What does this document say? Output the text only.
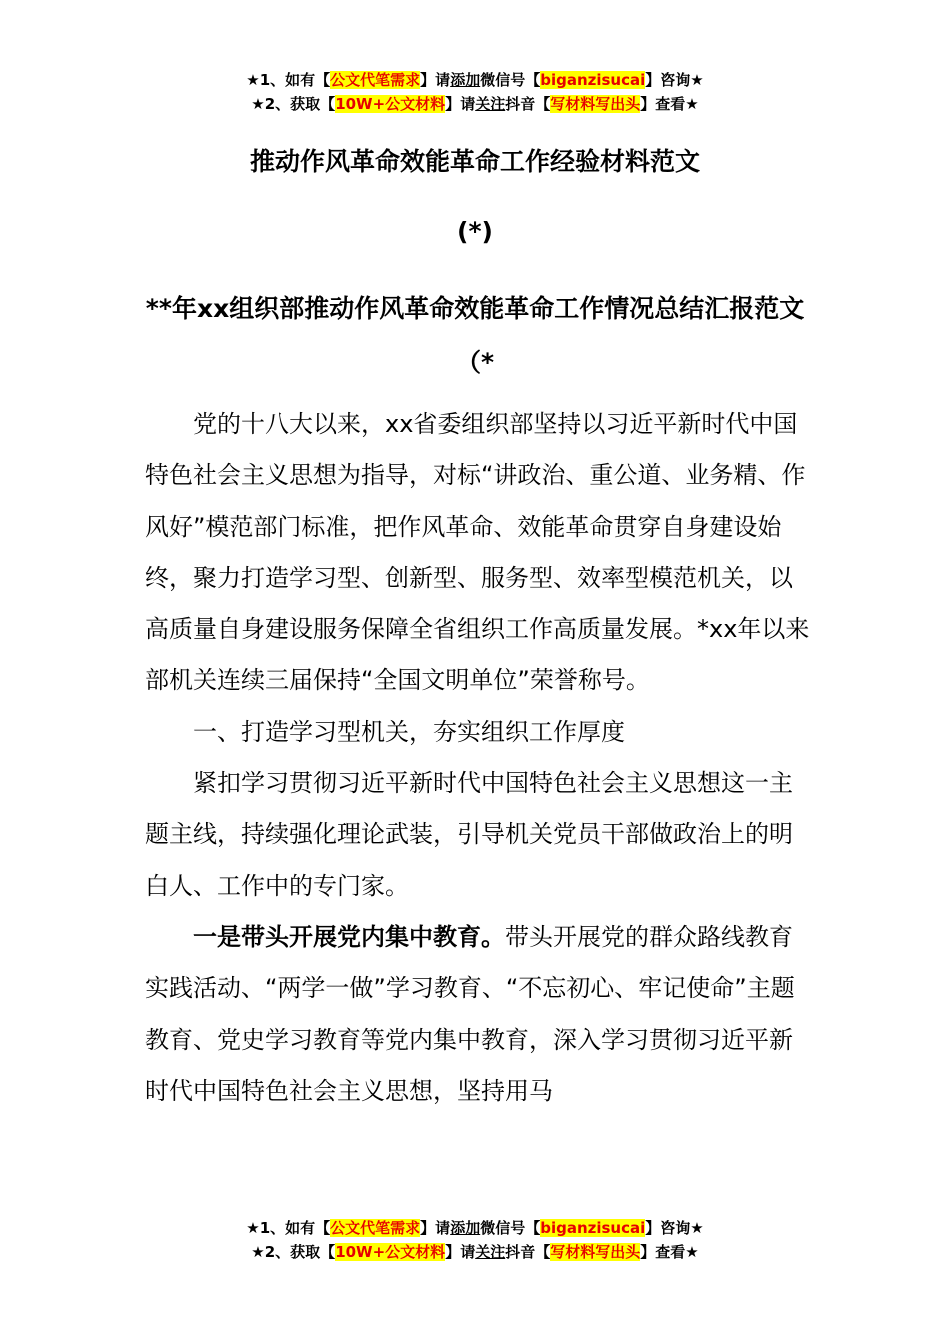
★1、如有【公文代笔需求】请添加微信号【biganzisucai】咨询★
★2、获取【10W+公文材料】请关注抖音【写材料写出头】查看★
推动作风革命效能革命工作经验材料范文
(*)
**年xx组织部推动作风革命效能革命工作情况总结汇报范文（*

党的十八大以来，xx省委组织部坚持以习近平新时代中国特色社会主义思想为指导，对标“讲政治、重公道、业务精、作风好”模范部门标准，把作风革命、效能革命贯穿自身建设始终，聚力打造学习型、创新型、服务型、效率型模范机关，以高质量自身建设服务保障全省组织工作高质量发展。*xx年以来部机关连续三届保持“全国文明单位”荣誉称号。

一、打造学习型机关，夯实组织工作厚度

紧扣学习贯彻习近平新时代中国特色社会主义思想这一主题主线，持续强化理论武装，引导机关党员干部做政治上的明白人、工作中的专门家。

一是带头开展党内集中教育。带头开展党的群众路线教育实践活动、“两学一做”学习教育、“不忘初心、牢记使命”主题教育、党史学习教育等党内集中教育，深入学习贯彻习近平新时代中国特色社会主义思想，坚持用马

★1、如有【公文代笔需求】请添加微信号【biganzisucai】咨询★
★2、获取【10W+公文材料】请关注抖音【写材料写出头】查看★
